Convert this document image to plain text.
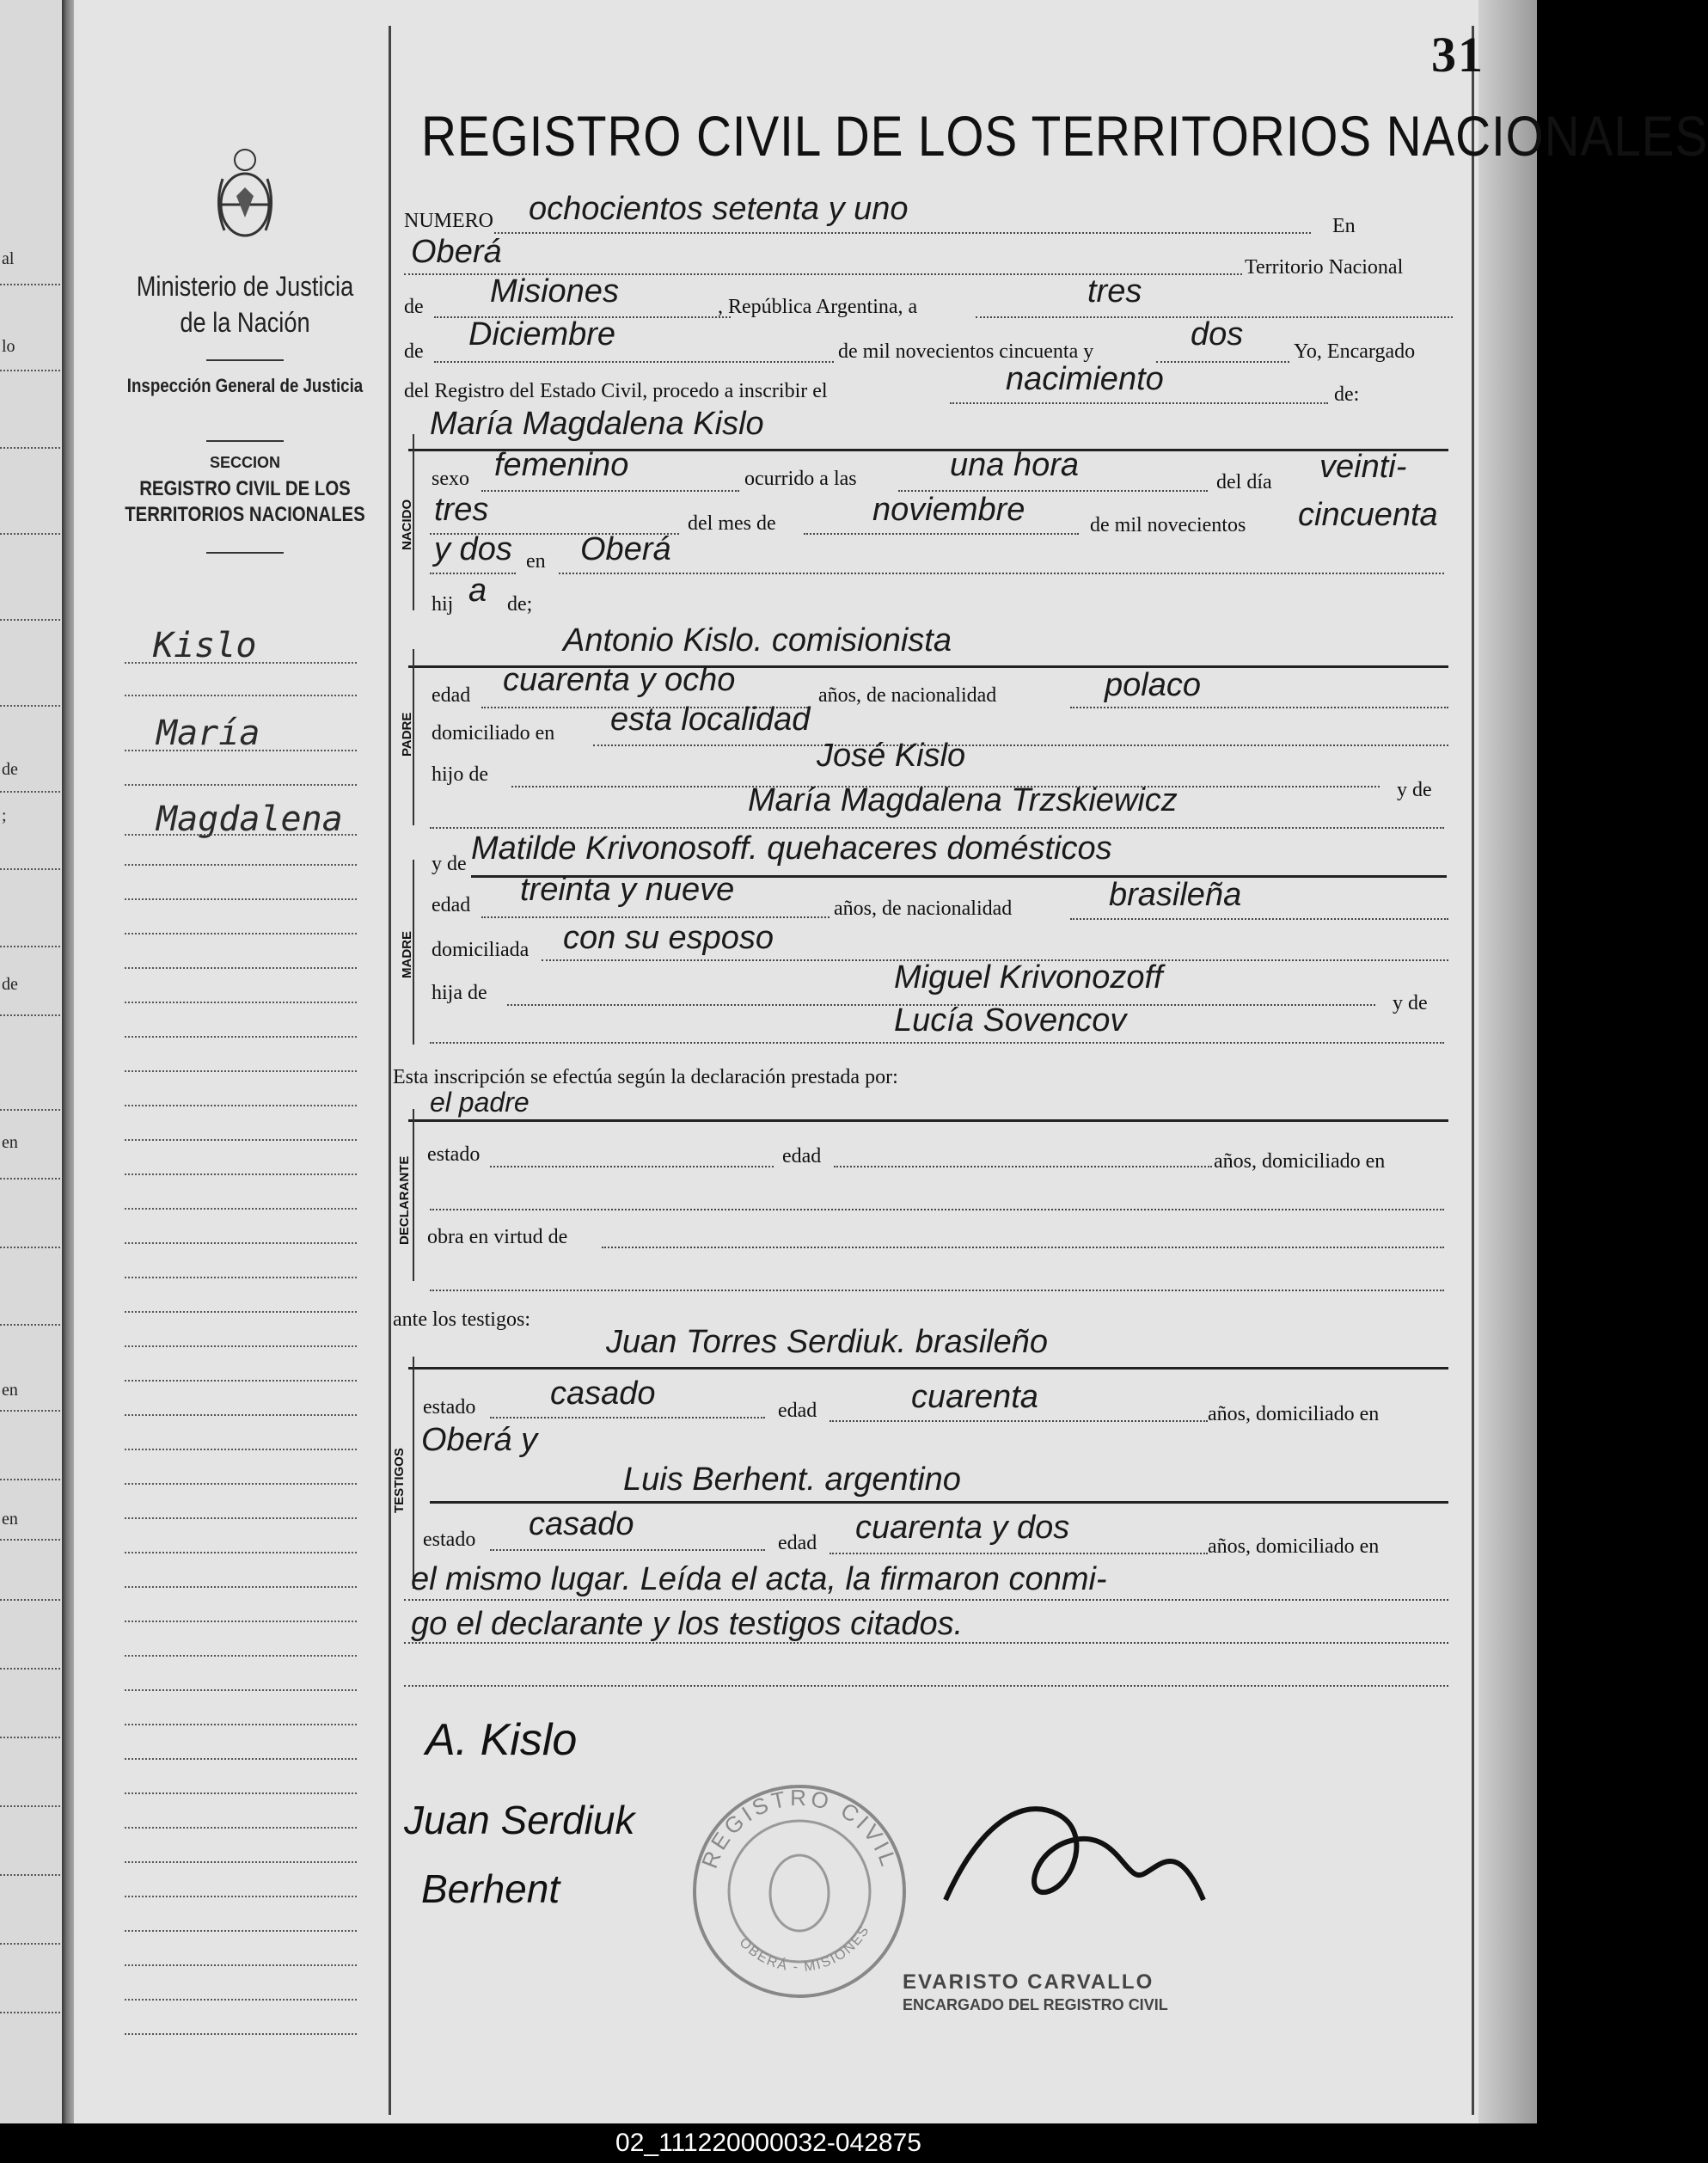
al
lo
de
;
de
en
en
en
31
Ministerio de Justicia de la Nación
Inspección General de Justicia
SECCION
REGISTRO CIVIL DE LOS TERRITORIOS NACIONALES
Kislo
María
Magdalena
REGISTRO CIVIL DE LOS TERRITORIOS NACIONALES
NUMERO ochocientos setenta y uno	En
Oberá	Territorio Nacional
de Misiones	, República Argentina, a	tres
de Diciembre	de mil novecientos cincuenta y	dos Yo, Encargado
del Registro del Estado Civil, procedo a inscribir el	nacimiento	de:
María Magdalena Kislo
NACIDO
sexo femenino	ocurrido a las	una hora	del día veinti-
tres	del mes de	noviembre	de mil novecientos cincuenta
y dos en Oberá
hij a de;
Antonio Kislo. comisionista
PADRE
edad cuarenta y ocho	años, de nacionalidad	polaco
domiciliado en esta localidad
hijo de
José Kislo
y de
María Magdalena Trzskiewicz
y de Matilde Krivonosoff. quehaceres domésticos
MADRE
edad treinta y nueve
años, de nacionalidad	brasileña
domiciliada con su esposo
hija de	Miguel Krivonozoff
y de
Lucía Sovencov
Esta inscripción se efectúa según la declaración prestada por:
el padre
DECLARANTE
estado	edad	años, domiciliado en
obra en virtud de
ante los testigos:
Juan Torres Serdiuk. brasileño
TESTIGOS
estado casado	edad	cuarenta	años, domiciliado en
Oberá y
Luis Berhent. argentino
estado casado
edad cuarenta y dos
años, domiciliado en
el mismo lugar. Leída el acta, la firmaron conmi-
go el declarante y los testigos citados.
A. Kislo
Juan Serdiuk
Berhent
REGISTRO CIVIL
OBERÁ - MISIONES
EVARISTO CARVALLO
ENCARGADO DEL REGISTRO CIVIL
02_111220000032-042875
